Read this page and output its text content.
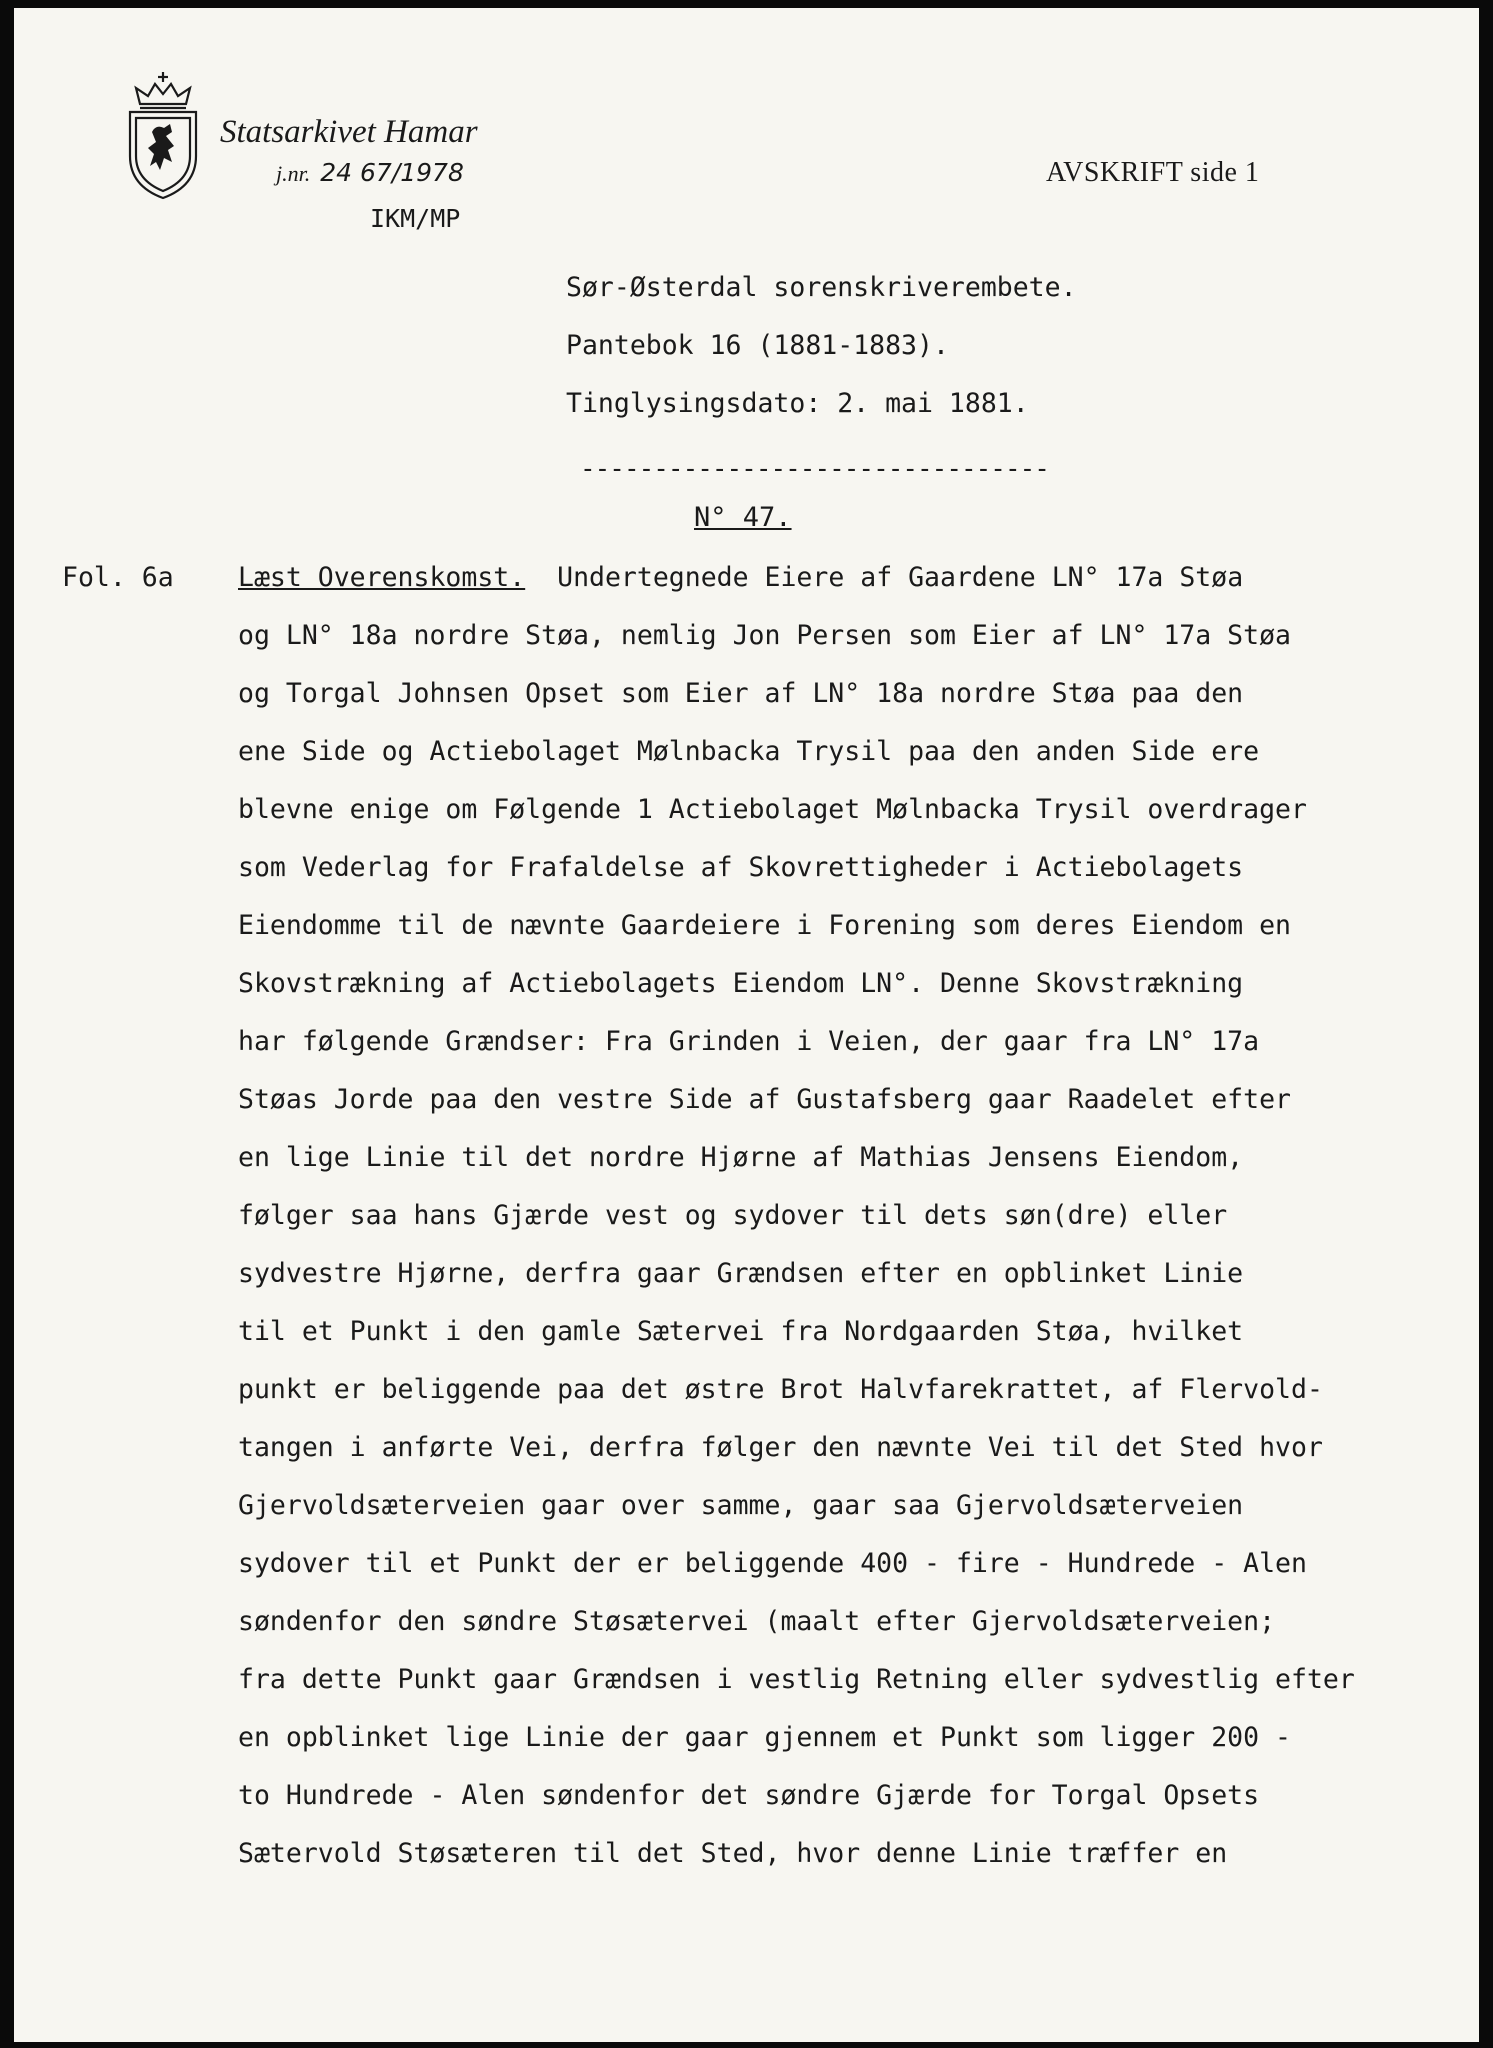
Statsarkivet Hamar
j.nr. 24 67/1978
IKM/MP
AVSKRIFT side 1
Sør-Østerdal sorenskriverembete.
Pantebok 16 (1881-1883).
Tinglysingsdato: 2. mai 1881.
--------------------------------
N° 47.
Fol. 6a Læst Overenskomst. Undertegnede Eiere af Gaardene LN° 17a Støa
og LN° 18a nordre Støa, nemlig Jon Persen som Eier af LN° 17a Støa
og Torgal Johnsen Opset som Eier af LN° 18a nordre Støa paa den
ene Side og Actiebolaget Mølnbacka Trysil paa den anden Side ere
blevne enige om Følgende 1 Actiebolaget Mølnbacka Trysil overdrager
som Vederlag for Frafaldelse af Skovrettigheder i Actiebolagets
Eiendomme til de nævnte Gaardeiere i Forening som deres Eiendom en
Skovstrækning af Actiebolagets Eiendom LN°. Denne Skovstrækning
har følgende Grændser: Fra Grinden i Veien, der gaar fra LN° 17a
Støas Jorde paa den vestre Side af Gustafsberg gaar Raadelet efter
en lige Linie til det nordre Hjørne af Mathias Jensens Eiendom,
følger saa hans Gjærde vest og sydover til dets søn(dre) eller
sydvestre Hjørne, derfra gaar Grændsen efter en opblinket Linie
til et Punkt i den gamle Sætervei fra Nordgaarden Støa, hvilket
punkt er beliggende paa det østre Brot Halvfarekrattet, af Flervold-
tangen i anførte Vei, derfra følger den nævnte Vei til det Sted hvor
Gjervoldsæterveien gaar over samme, gaar saa Gjervoldsæterveien
sydover til et Punkt der er beliggende 400 - fire - Hundrede - Alen
søndenfor den søndre Støsætervei (maalt efter Gjervoldsæterveien;
fra dette Punkt gaar Grændsen i vestlig Retning eller sydvestlig efter
en opblinket lige Linie der gaar gjennem et Punkt som ligger 200 -
to Hundrede - Alen søndenfor det søndre Gjærde for Torgal Opsets
Sætervold Støsæteren til det Sted, hvor denne Linie træffer en
